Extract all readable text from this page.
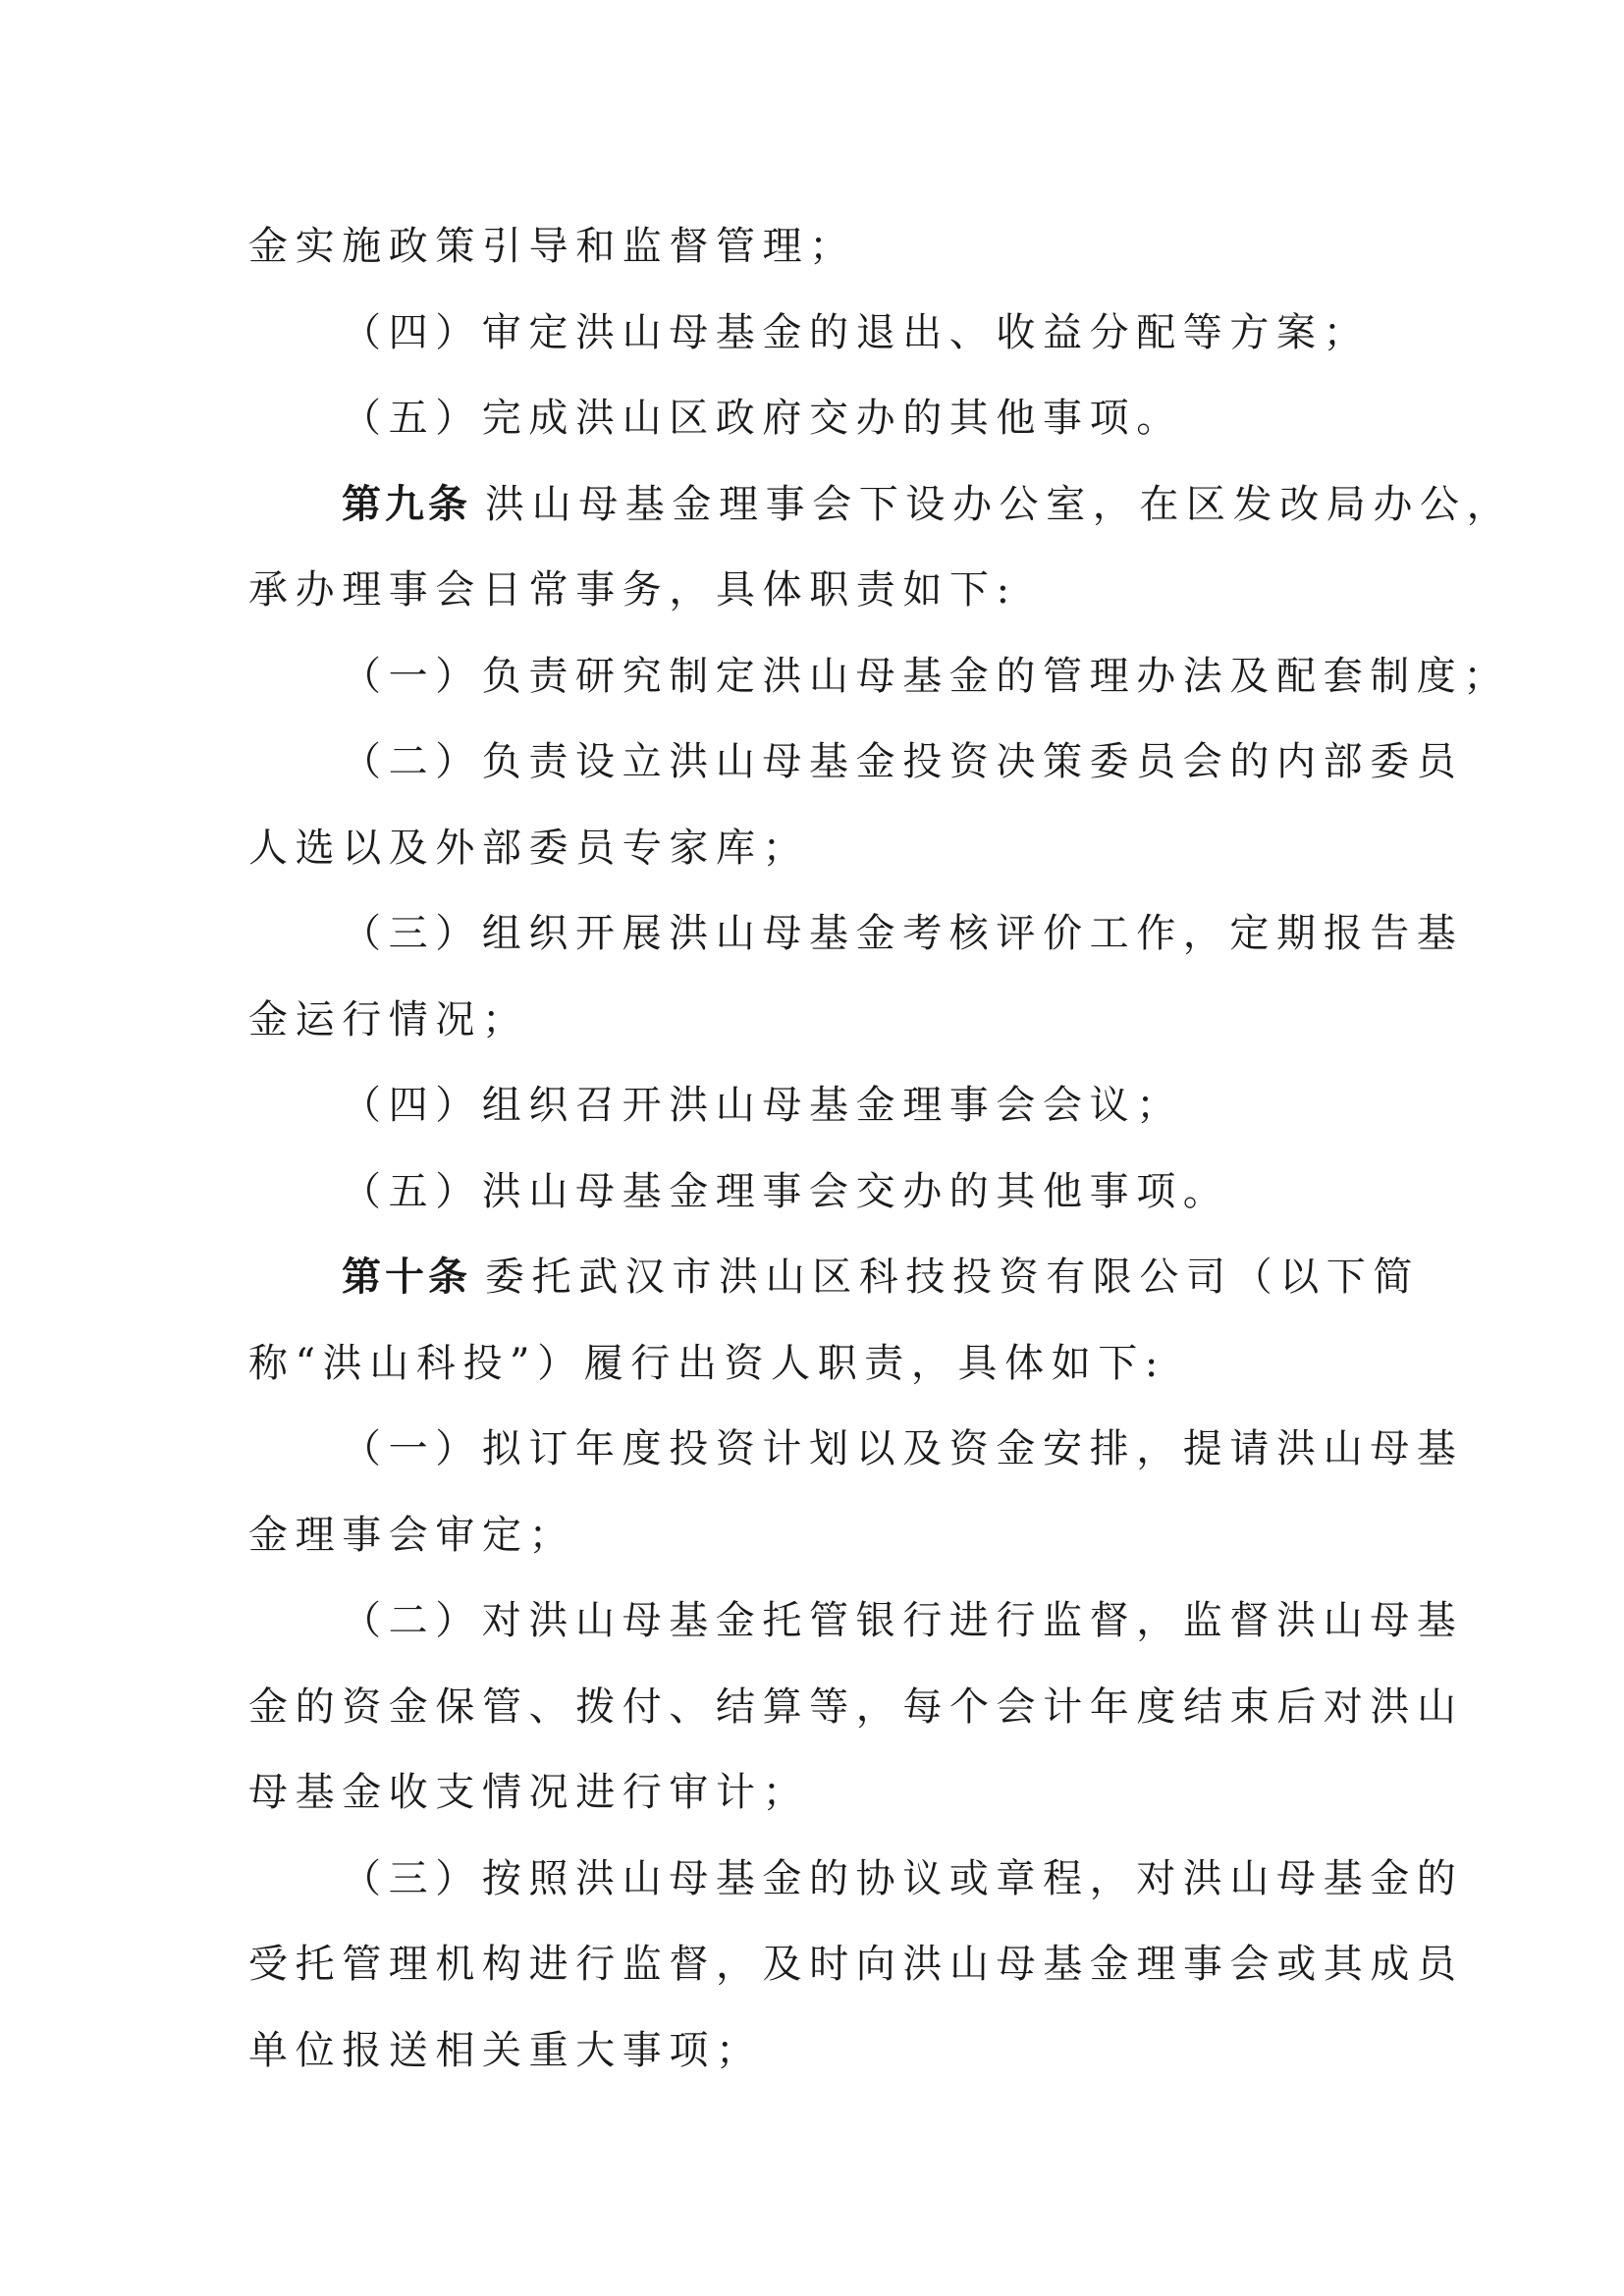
金实施政策引导和监督管理；

（四）审定洪山母基金的退出、收益分配等方案；

（五）完成洪山区政府交办的其他事项。

第九条 洪山母基金理事会下设办公室，在区发改局办公，

承办理事会日常事务，具体职责如下:

（一）负责研究制定洪山母基金的管理办法及配套制度；

（二）负责设立洪山母基金投资决策委员会的内部委员

人选以及外部委员专家库；

（三）组织开展洪山母基金考核评价工作，定期报告基

金运行情况；

（四）组织召开洪山母基金理事会会议；

（五）洪山母基金理事会交办的其他事项。

第十条 委托武汉市洪山区科技投资有限公司（以下简

称“洪山科投”）履行出资人职责，具体如下:

（一）拟订年度投资计划以及资金安排，提请洪山母基

金理事会审定；

（二）对洪山母基金托管银行进行监督，监督洪山母基

金的资金保管、拨付、结算等，每个会计年度结束后对洪山

母基金收支情况进行审计；

（三）按照洪山母基金的协议或章程，对洪山母基金的

受托管理机构进行监督，及时向洪山母基金理事会或其成员

单位报送相关重大事项；
